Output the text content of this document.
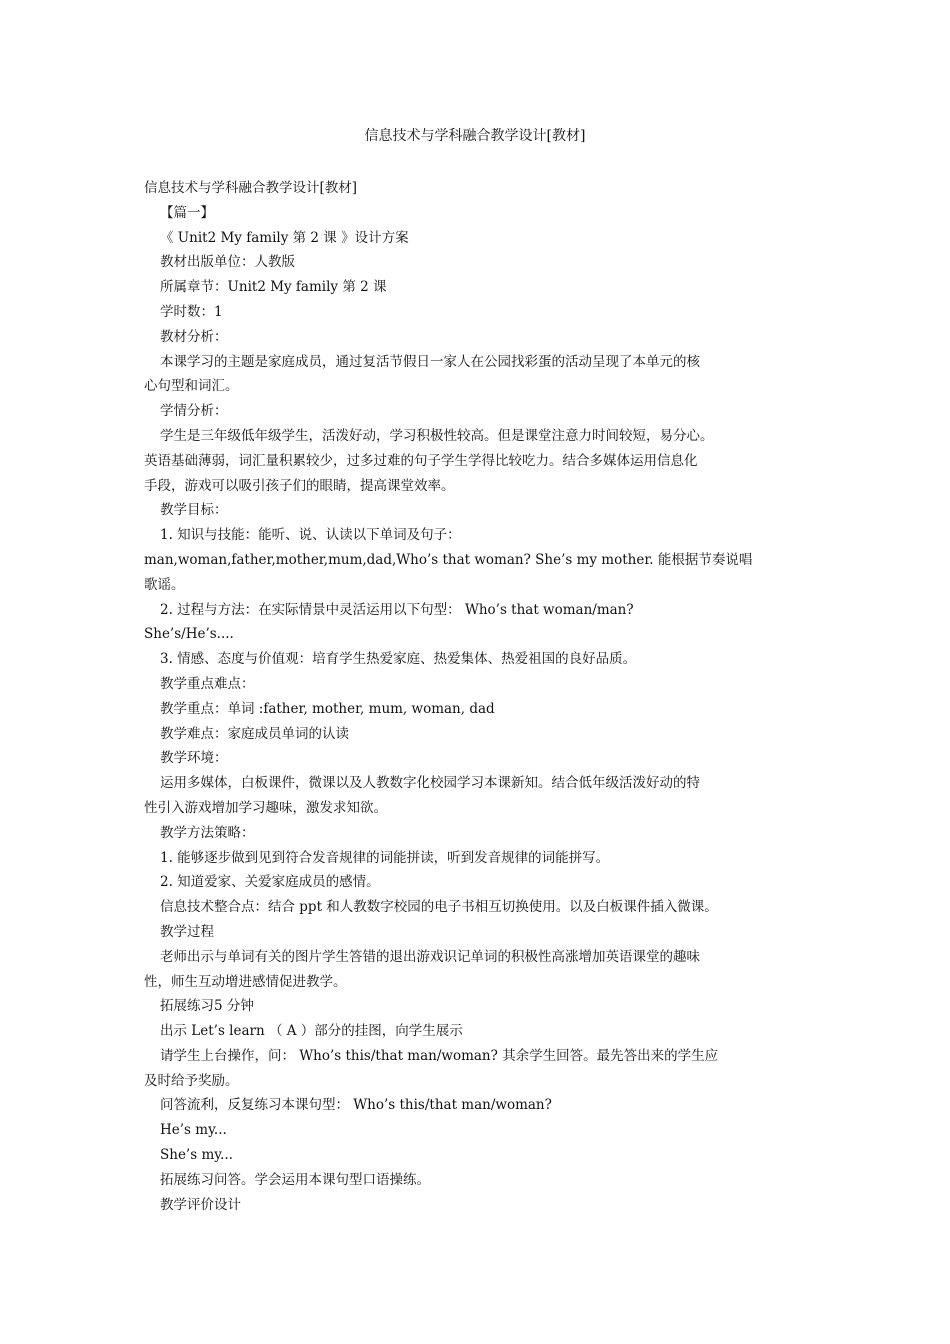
信息技术与学科融合教学设计[教材]
信息技术与学科融合教学设计[教材]
【篇一】
《 Unit2 My family 第 2 课 》设计方案
教材出版单位：人教版
所属章节：Unit2 My family 第 2 课
学时数：1
教材分析：
本课学习的主题是家庭成员，通过复活节假日一家人在公园找彩蛋的活动呈现了本单元的核
心句型和词汇。
学情分析：
学生是三年级低年级学生，活泼好动，学习积极性较高。但是课堂注意力时间较短，易分心。
英语基础薄弱，词汇量积累较少，过多过难的句子学生学得比较吃力。结合多媒体运用信息化
手段，游戏可以吸引孩子们的眼睛，提高课堂效率。
教学目标：
1. 知识与技能：能听、说、认读以下单词及句子：
man,woman,father,mother,mum,dad,Who’s that woman? She’s my mother. 能根据节奏说唱
歌谣。
2. 过程与方法：在实际情景中灵活运用以下句型： Who’s that woman/man?
She’s/He’s....
3. 情感、态度与价值观：培育学生热爱家庭、热爱集体、热爱祖国的良好品质。
教学重点难点：
教学重点：单词 :father, mother, mum, woman, dad
教学难点：家庭成员单词的认读
教学环境：
运用多媒体，白板课件，微课以及人教数字化校园学习本课新知。结合低年级活泼好动的特
性引入游戏增加学习趣味，激发求知欲。
教学方法策略：
1. 能够逐步做到见到符合发音规律的词能拼读，听到发音规律的词能拼写。
2. 知道爱家、关爱家庭成员的感情。
信息技术整合点：结合 ppt 和人教数字校园的电子书相互切换使用。以及白板课件插入微课。
教学过程
老师出示与单词有关的图片学生答错的退出游戏识记单词的积极性高涨增加英语课堂的趣味
性，师生互动增进感情促进教学。
拓展练习5 分钟
出示 Let’s learn （ A ）部分的挂图，向学生展示
请学生上台操作，问： Who’s this/that man/woman? 其余学生回答。最先答出来的学生应
及时给予奖励。
问答流利，反复练习本课句型： Who’s this/that man/woman?
He’s my...
She’s my...
拓展练习问答。学会运用本课句型口语操练。
教学评价设计
